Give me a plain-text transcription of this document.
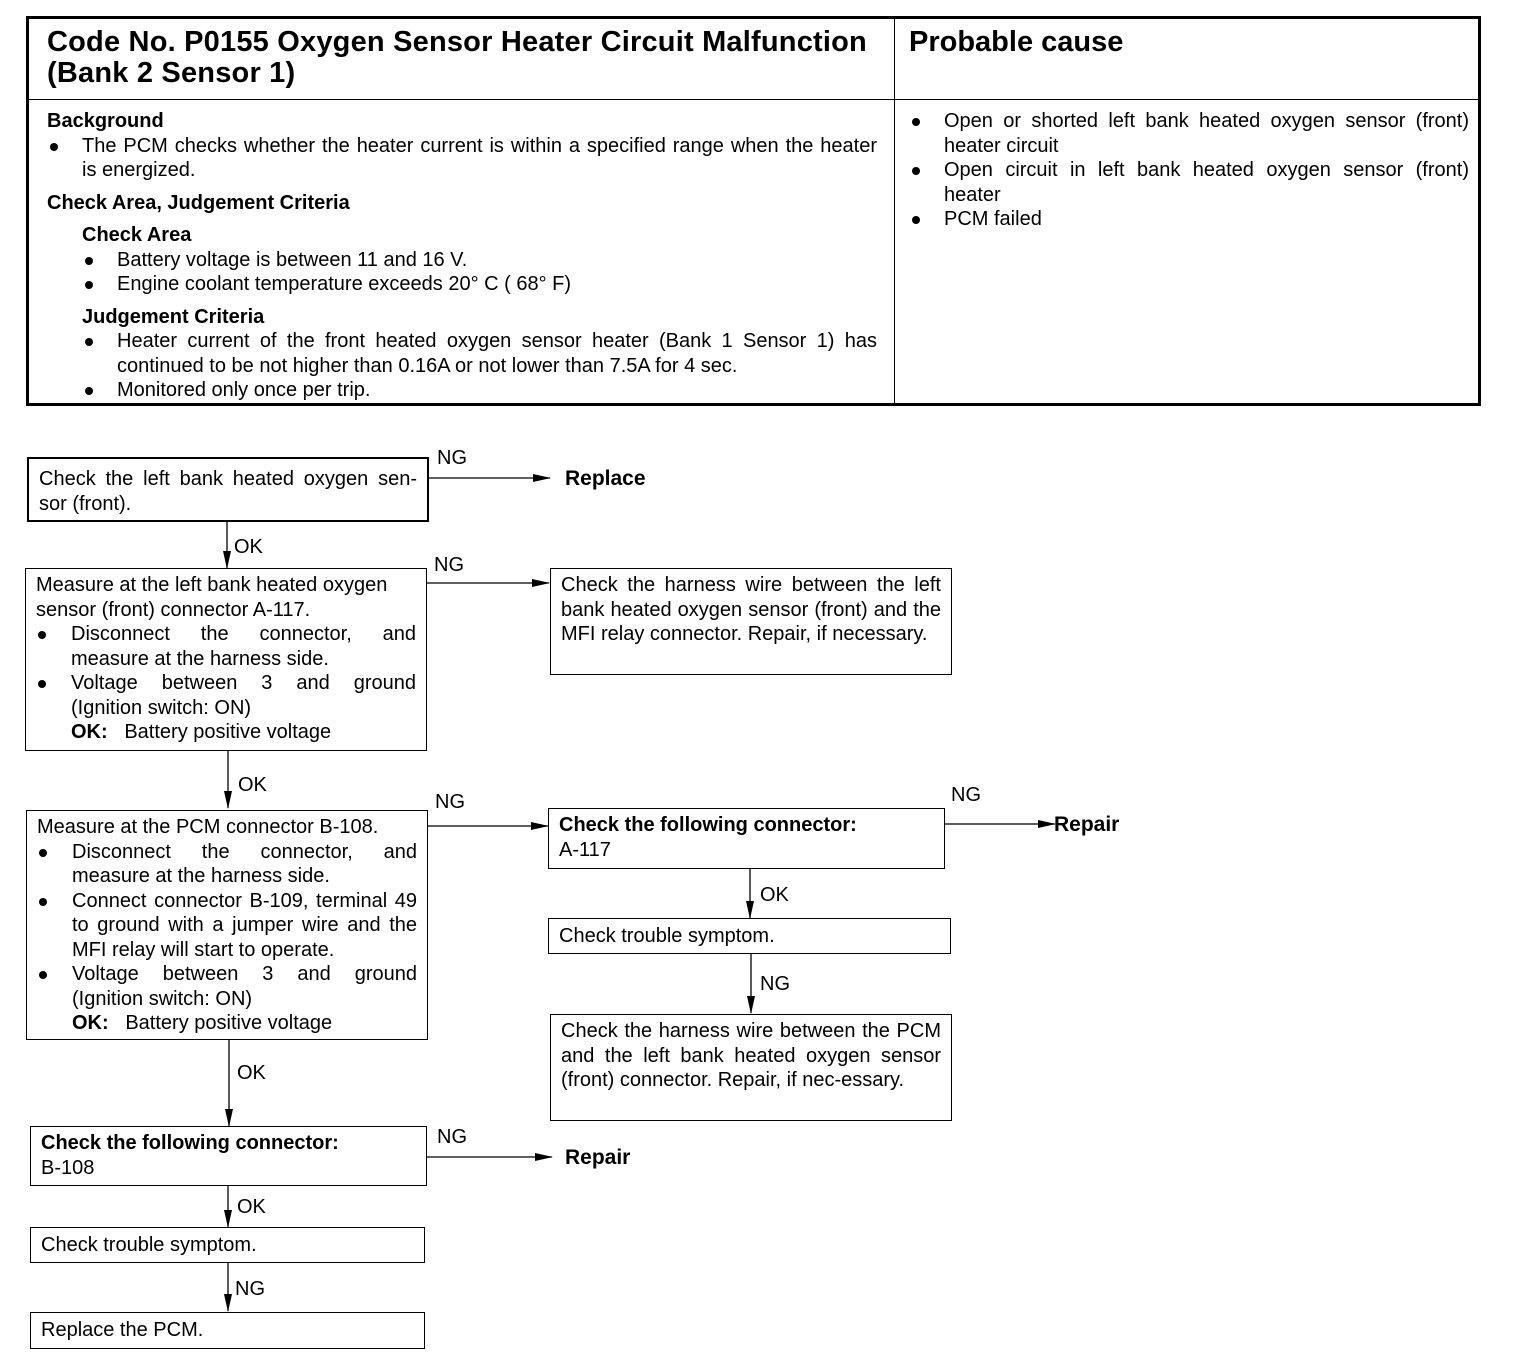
Code No. P0155 Oxygen Sensor Heater Circuit Malfunction (Bank 2 Sensor 1)
Probable cause
Background
The PCM checks whether the heater current is within a specified range when the heater is energized.
Check Area, Judgement Criteria
Check Area
Battery voltage is between 11 and 16 V.
Engine coolant temperature exceeds 20° C ( 68° F)
Judgement Criteria
Heater current of the front heated oxygen sensor heater (Bank 1 Sensor 1) has continued to be not higher than 0.16A or not lower than 7.5A for 4 sec.
Monitored only once per trip.
Open or shorted left bank heated oxygen sensor (front) heater circuit
Open circuit in left bank heated oxygen sensor (front) heater
PCM failed
Check the left bank heated oxygen sen-sor (front).
Measure at the left bank heated oxygen sensor (front) connector A-117.
Disconnect the connector, and measure at the harness side.
Voltage between 3 and ground (Ignition switch: ON)
OK: Battery positive voltage
Check the harness wire between the left bank heated oxygen sensor (front) and the MFI relay connector. Repair, if necessary.
Measure at the PCM connector B-108.
Disconnect the connector, and measure at the harness side.
Connect connector B-109, terminal 49 to ground with a jumper wire and the MFI relay will start to operate.
Voltage between 3 and ground (Ignition switch: ON)
OK: Battery positive voltage
Check the following connector:
A-117
Check trouble symptom.
Check the harness wire between the PCM and the left bank heated oxygen sensor (front) connector. Repair, if nec-essary.
Check the following connector:
B-108
Check trouble symptom.
Replace the PCM.
NG
Replace
OK
NG
OK
NG	NG
Repair
OK
NG
OK
NG
Repair
OK
NG
